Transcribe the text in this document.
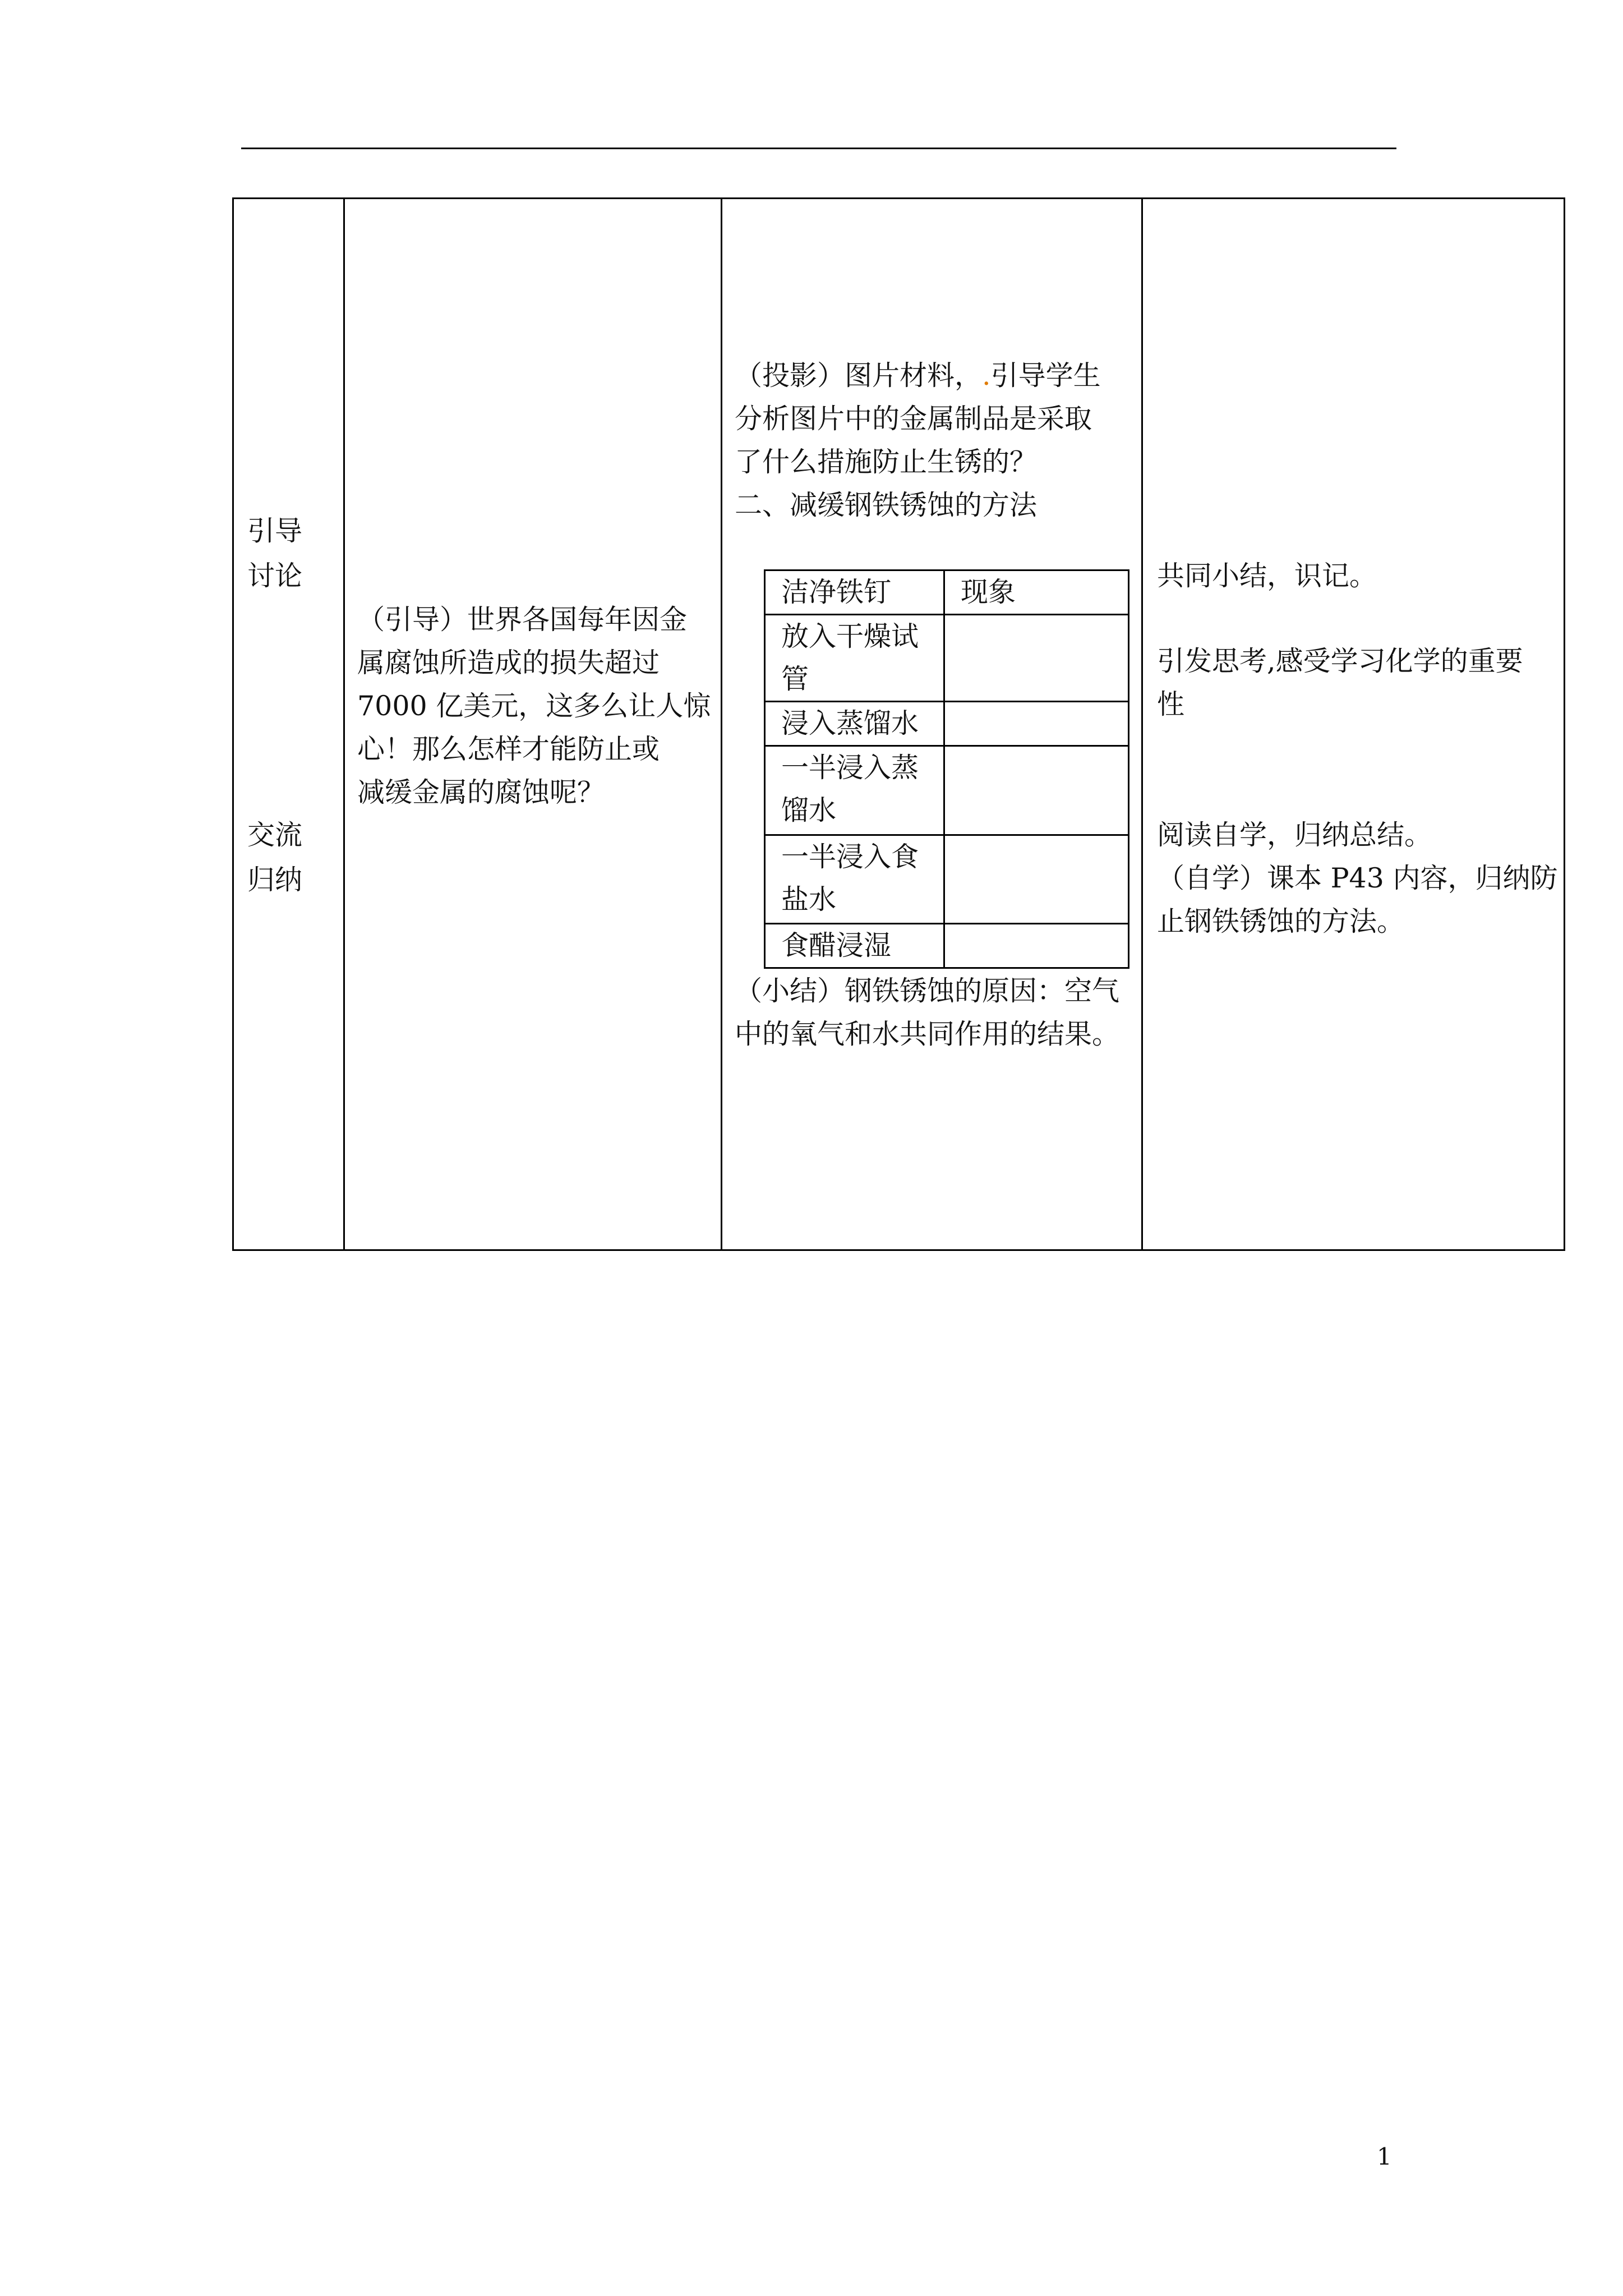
引导
讨论
交流
归纳
（引导）世界各国每年因金
属腐蚀所造成的损失超过
7000 亿美元，这多么让人惊
心！那么怎样才能防止或
减缓金属的腐蚀呢？
（投影）图片材料，.引导学生
分析图片中的金属制品是采取
了什么措施防止生锈的？
二、减缓钢铁锈蚀的方法
洁净铁钉	现象
放入干燥试管	
浸入蒸馏水	
一半浸入蒸馏水	
一半浸入食盐水	
食醋浸湿	
（小结）钢铁锈蚀的原因：空气
中的氧气和水共同作用的结果。
共同小结，识记。
引发思考,感受学习化学的重要
性
阅读自学，归纳总结。
（自学）课本 P43 内容，归纳防
止钢铁锈蚀的方法。
1
